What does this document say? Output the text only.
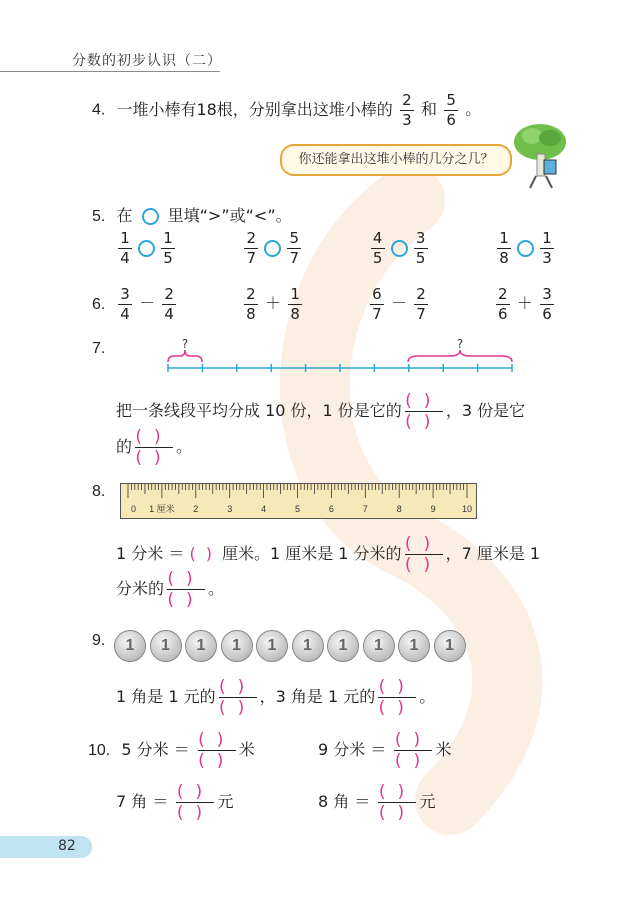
分数的初步认识（二）
4. 一堆小棒有18根，分别拿出这堆小棒的 $\frac{2}{3}$ 和 $\frac{5}{6}$ 。
你还能拿出这堆小棒的几分之几？
5. 在 里填“>”或“<”。
$\frac{1}{4} \frac{1}{5}$	$\frac{2}{7} \frac{5}{7}$	$\frac{4}{5} \frac{3}{5}$	$\frac{1}{8} \frac{1}{3}$
6. $\frac{3}{4} - \frac{2}{4}$	$\frac{2}{8} + \frac{1}{8}$	$\frac{6}{7} - \frac{2}{7}$	$\frac{2}{6} + \frac{3}{6}$
7.	?	?
把一条线段平均分成 10 份，1 份是它的 $\frac{()}{()}$ ，3 份是它
的 $\frac{()}{()}$ 。
8.
0 1 厘米 2	3	4	5	6	7	8	9	10
1 分米 ＝ ()厘米。1 厘米是 1 分米的 $\frac{()}{()}$ ，7 厘米是 1
分米的 $\frac{()}{()}$ 。
9. 1 1 1 1 1 1 1 1 1 1
1 角是 1 元的 $\frac{()}{()}$ ，3 角是 1 元的 $\frac{()}{()}$ 。
10. 5 分米 ＝ $\frac{()}{()}$ 米	9 分米 ＝ $\frac{()}{()}$ 米
7 角 ＝ $\frac{()}{()}$ 元	8 角 ＝ $\frac{()}{()}$ 元
82
